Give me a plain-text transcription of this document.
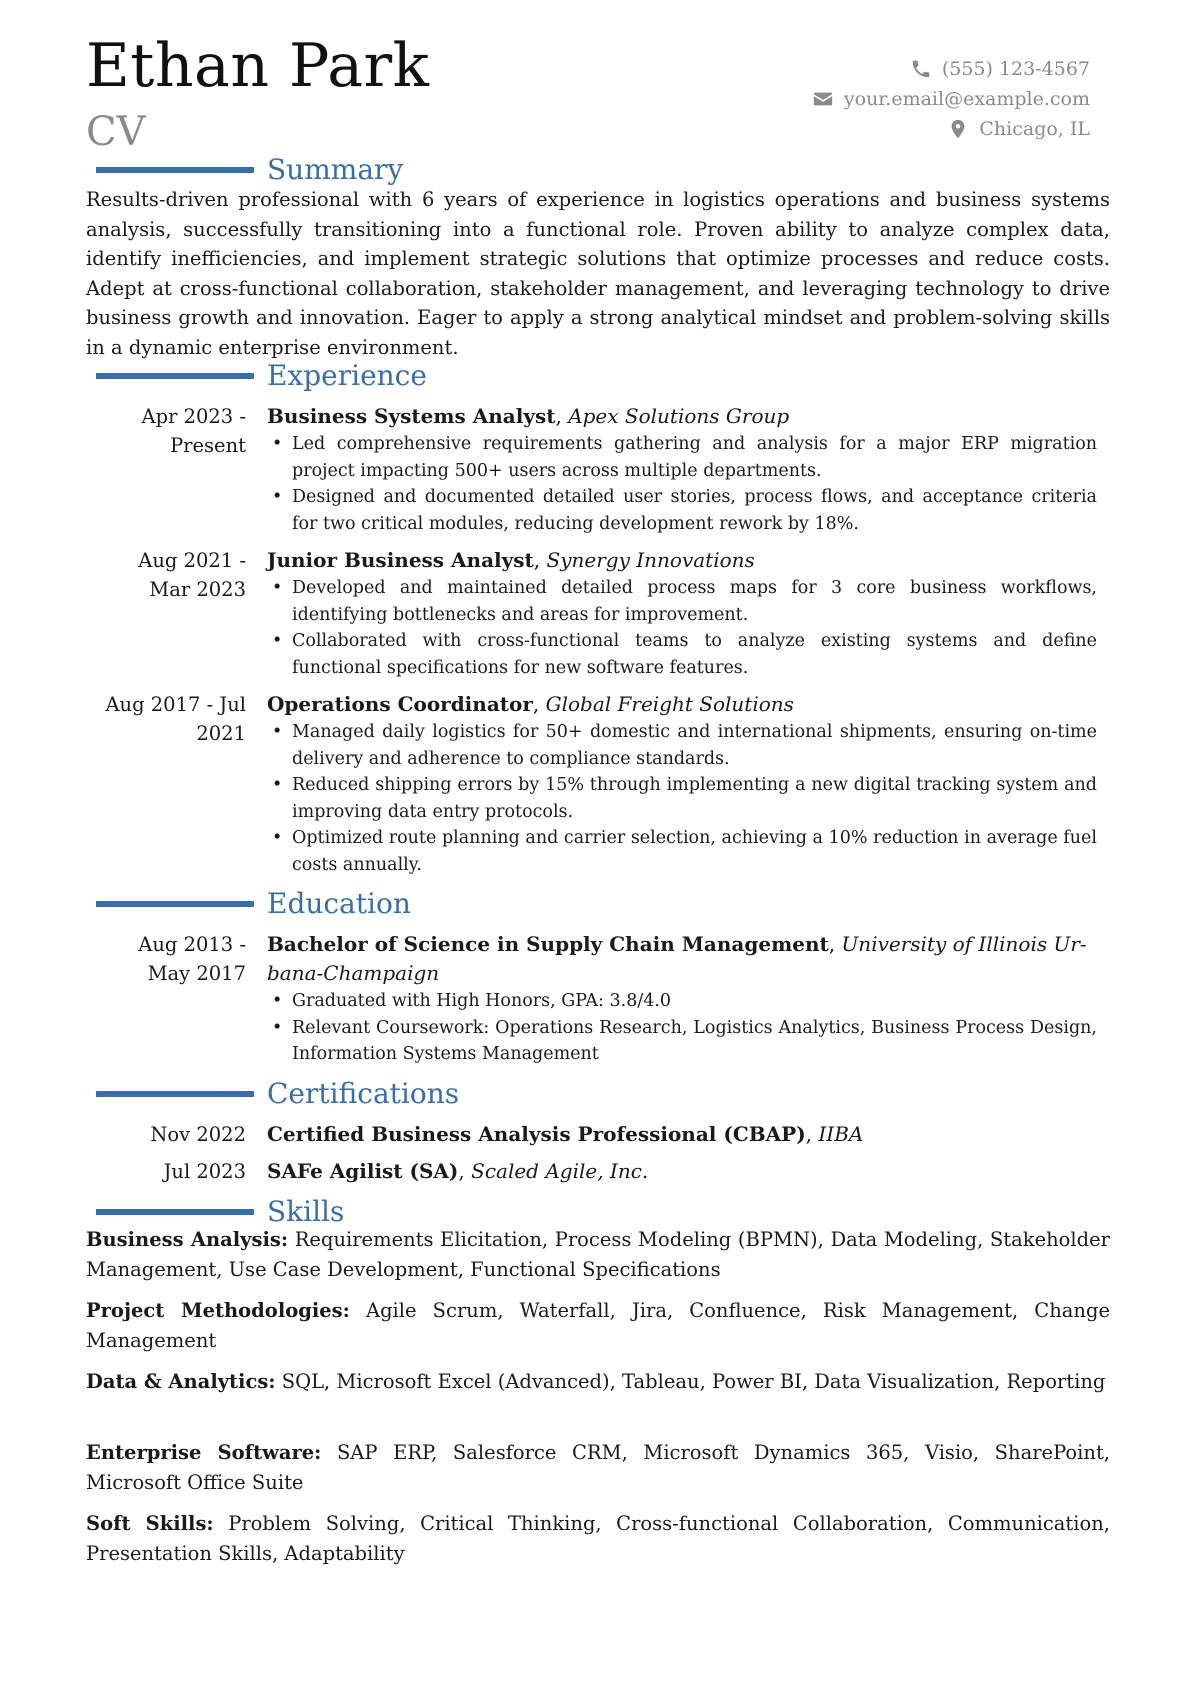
Ethan Park
CV
(555) 123-4567
your.email@example.com
Chicago, IL
Summary
Results-driven professional with 6 years of experience in logistics operations and business systems analysis, successfully transitioning into a functional role. Proven ability to analyze complex data, identify inefficiencies, and implement strategic solutions that optimize processes and reduce costs. Adept at cross-functional collaboration, stakeholder management, and leveraging technology to drive business growth and innovation. Eager to apply a strong analytical mindset and problem-solving skills in a dynamic enterprise environment.
Experience
Apr 2023 -
Present
Business Systems Analyst, Apex Solutions Group
• Led comprehensive requirements gathering and analysis for a major ERP migration project impacting 500+ users across multiple departments.
• Designed and documented detailed user stories, process flows, and acceptance criteria for two critical modules, reducing development rework by 18%.
Aug 2021 -
Mar 2023
Junior Business Analyst, Synergy Innovations
• Developed and maintained detailed process maps for 3 core business workflows, identifying bottlenecks and areas for improvement.
• Collaborated with cross-functional teams to analyze existing systems and define functional specifications for new software features.
Aug 2017 - Jul
2021
Operations Coordinator, Global Freight Solutions
• Managed daily logistics for 50+ domestic and international shipments, ensuring on-time delivery and adherence to compliance standards.
• Reduced shipping errors by 15% through implementing a new digital tracking system and improving data entry protocols.
• Optimized route planning and carrier selection, achieving a 10% reduction in average fuel costs annually.
Education
Aug 2013 -
May 2017
Bachelor of Science in Supply Chain Management, University of Illinois Ur-
bana-Champaign
• Graduated with High Honors, GPA: 3.8/4.0
• Relevant Coursework: Operations Research, Logistics Analytics, Business Process Design, Information Systems Management
Certifications
Nov 2022 Certified Business Analysis Professional (CBAP), IIBA
Jul 2023 SAFe Agilist (SA), Scaled Agile, Inc.
Skills
Business Analysis: Requirements Elicitation, Process Modeling (BPMN), Data Modeling, Stakeholder Management, Use Case Development, Functional Specifications
Project Methodologies: Agile Scrum, Waterfall, Jira, Confluence, Risk Management, Change Management
Data & Analytics: SQL, Microsoft Excel (Advanced), Tableau, Power BI, Data Visualization, Reporting
Enterprise Software: SAP ERP, Salesforce CRM, Microsoft Dynamics 365, Visio, SharePoint, Microsoft Office Suite
Soft Skills: Problem Solving, Critical Thinking, Cross-functional Collaboration, Communication, Presentation Skills, Adaptability
